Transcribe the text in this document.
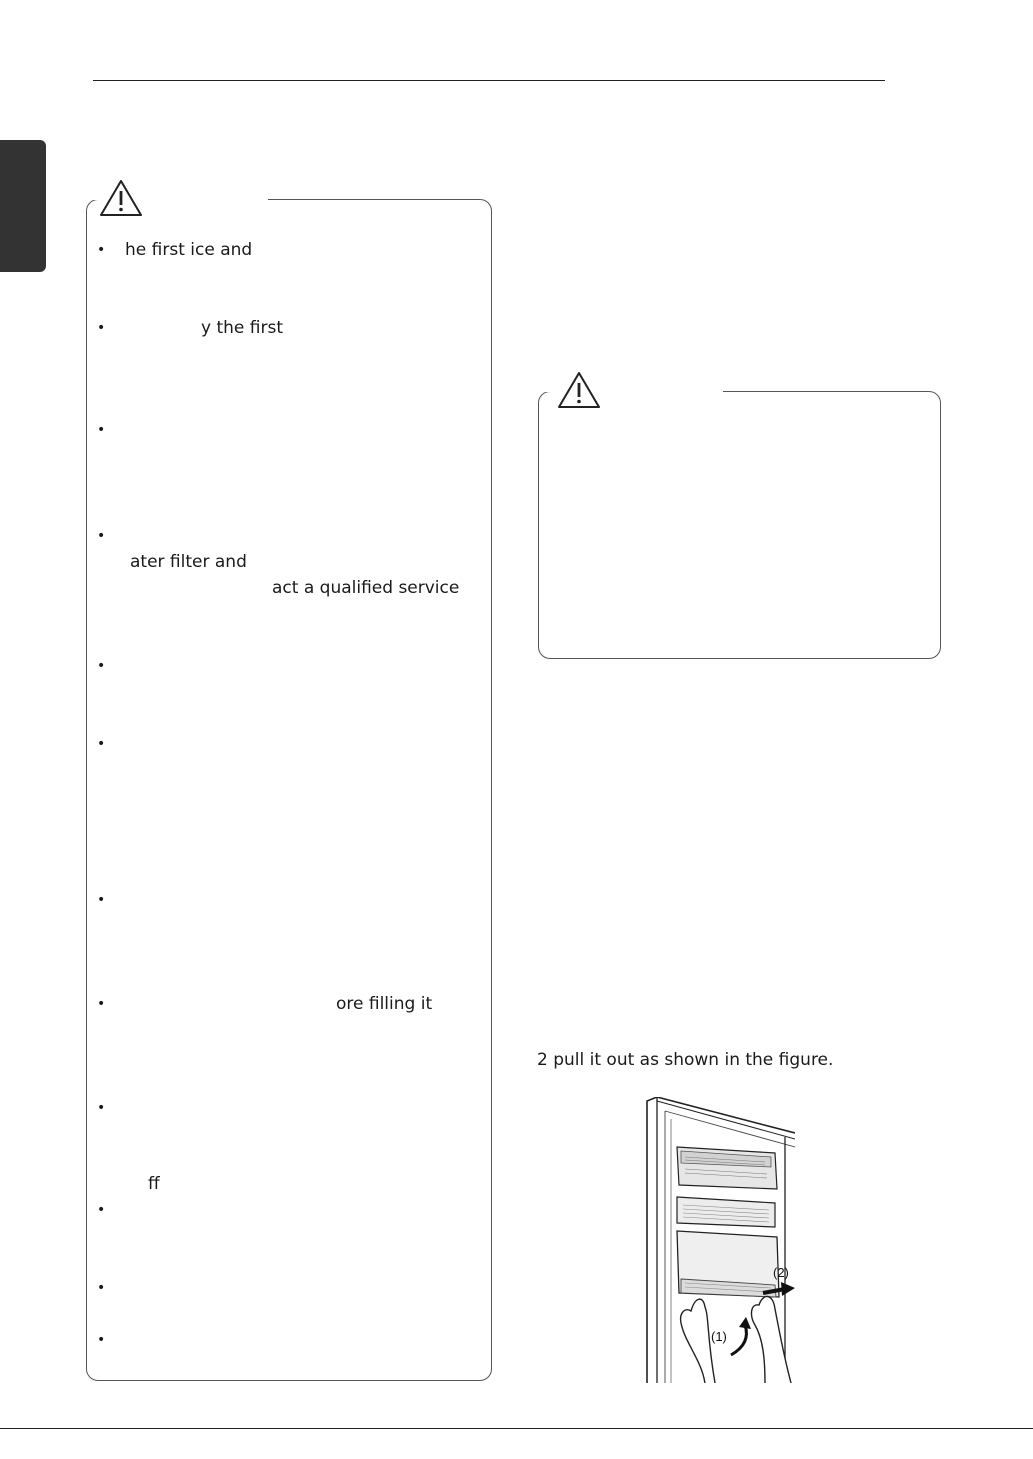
• he first ice and
•	y the first
•
•
ater filter and
act a qualified service
•
•
•
•	ore filling it
•
ff
•
•
•
2 pull it out as shown in the figure.
(1)
(2)
